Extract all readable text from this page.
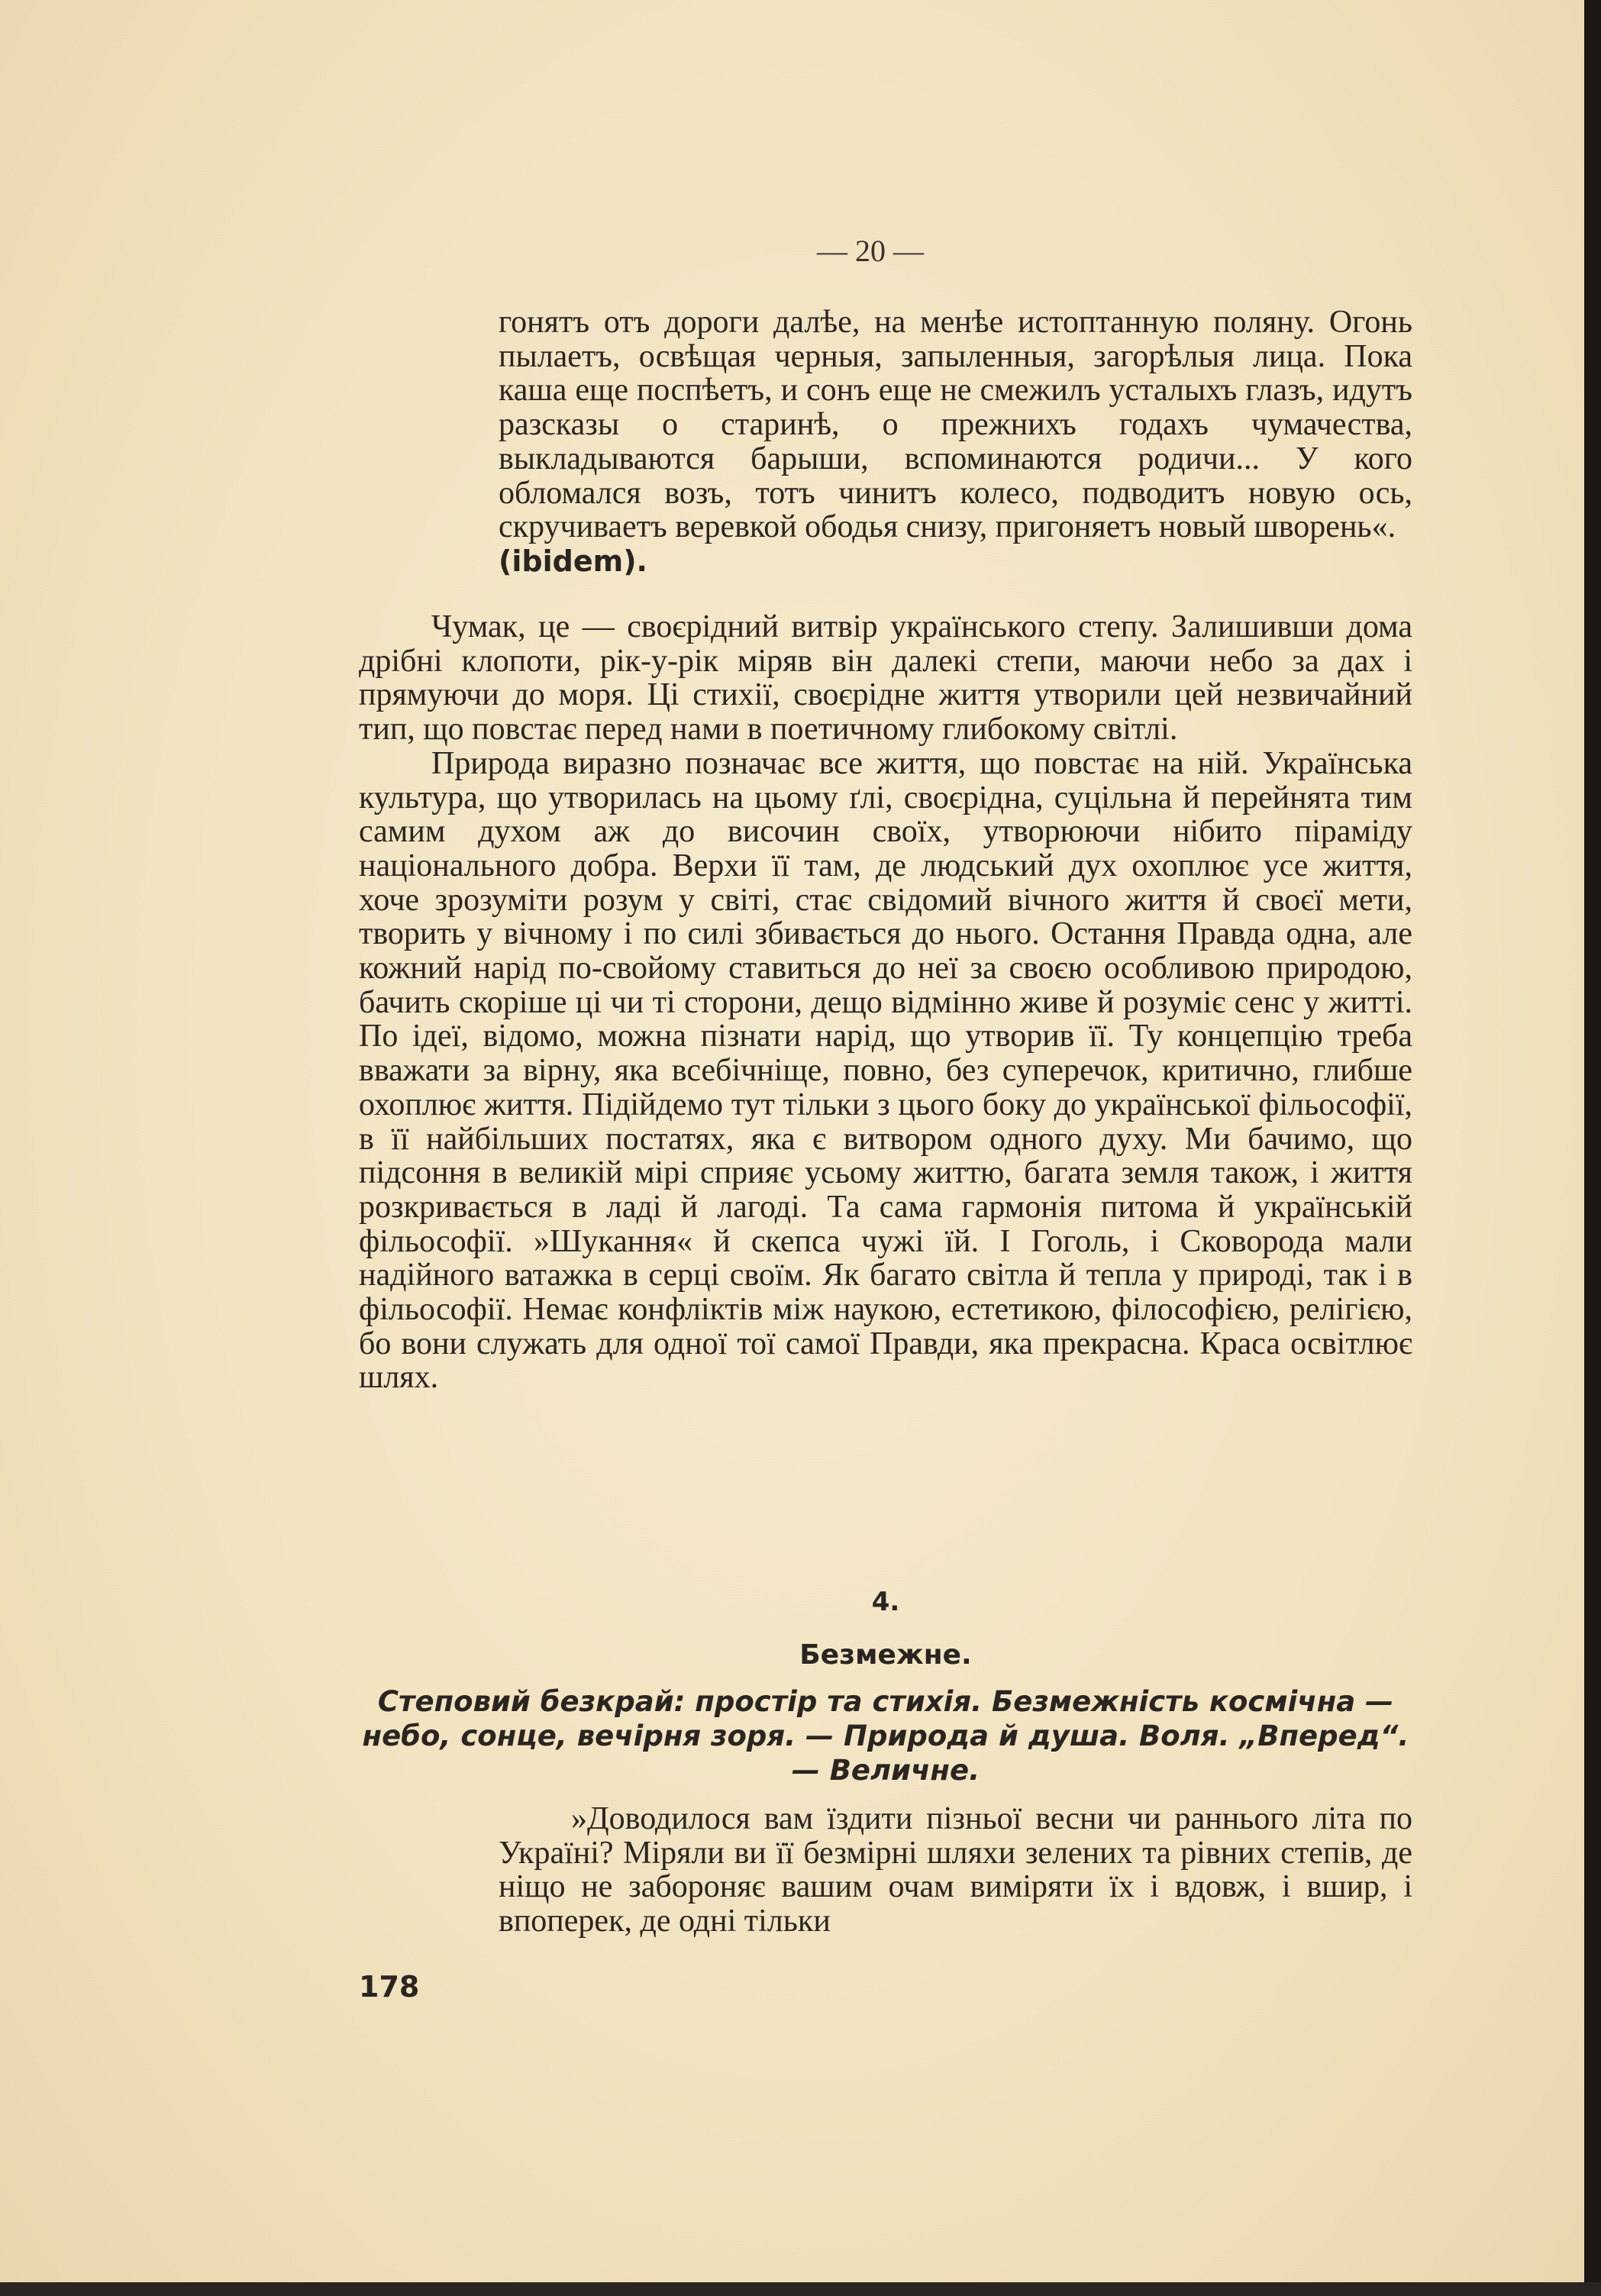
— 20 —

гонятъ отъ дороги далѣе, на менѣе истоптанную поляну. Огонь пылаетъ, освѣщая черныя, запыленныя, загорѣлыя лица. Пока каша еще поспѣетъ, и сонъ еще не смежилъ усталыхъ глазъ, идутъ разсказы о старинѣ, о прежнихъ годахъ чумачества, выкладываются барыши, вспоминаются родичи... У кого обломался возъ, тотъ чинитъ колесо, подводитъ новую ось, скручиваетъ веревкой ободья снизу, пригоняетъ новый шворень«.
(ibidem).

Чумак, це — своєрідний витвір українського степу. Залишивши дома дрібні клопоти, рік-у-рік міряв він далекі степи, маючи небо за дах і прямуючи до моря. Ці стихії, своєрідне життя утворили цей незвичайний тип, що повстає перед нами в поетичному глибокому світлі.

Природа виразно позначає все життя, що повстає на ній. Українська культура, що утворилась на цьому ґлі, своєрідна, суцільна й перейнята тим самим духом аж до височин своїх, утворюючи нібито піраміду національного добра. Верхи її там, де людський дух охоплює усе життя, хоче зрозуміти розум у світі, стає свідомий вічного життя й своєї мети, творить у вічному і по силі збивається до нього. Остання Правда одна, але кожний нарід по-свойому ставиться до неї за своєю особливою природою, бачить скоріше ці чи ті сторони, дещо відмінно живе й розуміє сенс у житті. По ідеї, відомо, можна пізнати нарід, що утворив її. Ту концепцію треба вважати за вірну, яка всебічніще, повно, без суперечок, критично, глибше охоплює життя. Підійдемо тут тільки з цього боку до української фільософії, в її найбільших постатях, яка є витвором одного духу. Ми бачимо, що підсоння в великій мірі сприяє усьому життю, багата земля також, і життя розкривається в ладі й лагоді. Та сама гармонія питома й українській фільософії. »Шукання« й скепса чужі їй. І Гоголь, і Сковорода мали надійного ватажка в серці своїм. Як багато світла й тепла у природі, так і в фільософії. Немає конфліктів між наукою, естетикою, філософією, релігією, бо вони служать для одної тої самої Правди, яка прекрасна. Краса освітлює шлях.

4.
Безмежне.
Степовий безкрай: простір та стихія. Безмежність космічна — небо, сонце, вечірня зоря. — Природа й душа. Воля. „Вперед“. — Величне.

»Доводилося вам їздити пізньої весни чи раннього літа по Україні? Міряли ви її безмірні шляхи зелених та рівних степів, де ніщо не забороняє вашим очам виміряти їх і вдовж, і вшир, і впоперек, де одні тільки

178
